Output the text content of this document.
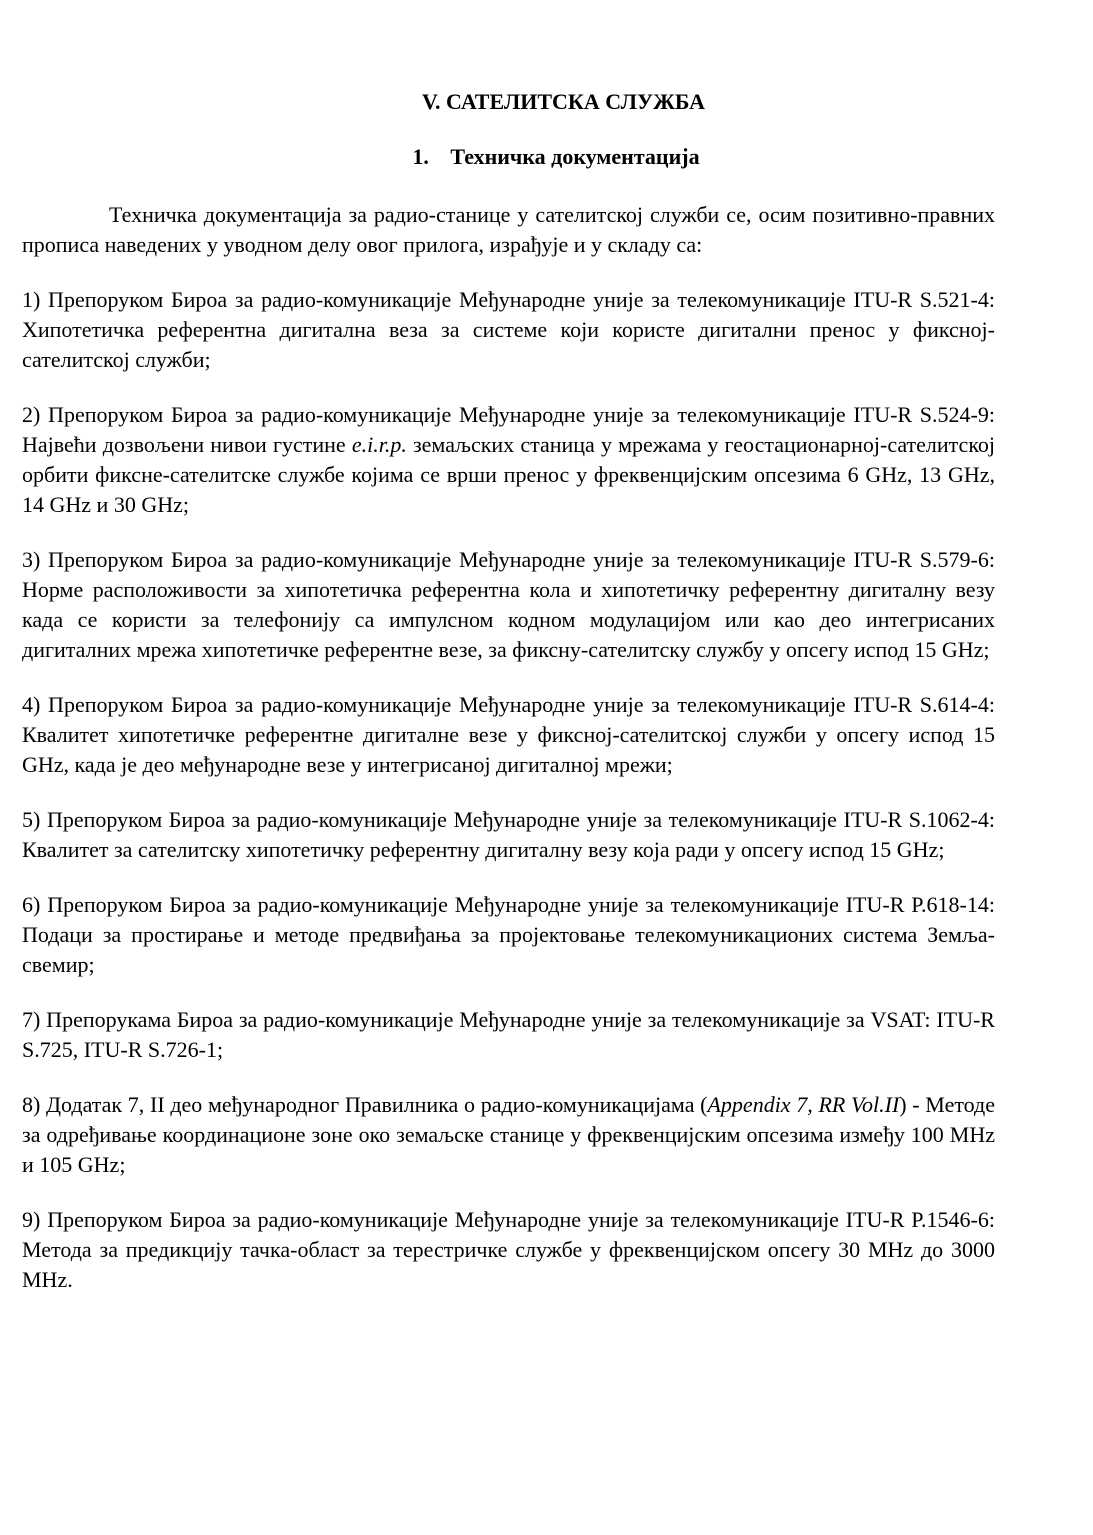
V. САТЕЛИТСКА СЛУЖБА
1. Техничка документација

Техничка документација за радио-станице у сателитској служби се, осим позитивно-правних прописа наведених у уводном делу овог прилога, израђује и у складу са:

1) Препоруком Бироа за радио-комуникације Међународне уније за телекомуникације ITU-R S.521-4: Хипотетичка референтна дигитална веза за системе који користе дигитални пренос у фиксној-сателитској служби;

2) Препоруком Бироа за радио-комуникације Међународне уније за телекомуникације ITU-R S.524-9: Највећи дозвољени нивои густине e.i.r.p. земаљских станица у мрежама у геостационарној-сателитској орбити фиксне-сателитске службе којима се врши пренос у фреквенцијским опсезима 6 GHz, 13 GHz, 14 GHz и 30 GHz;

3) Препоруком Бироа за радио-комуникације Међународне уније за телекомуникације ITU-R S.579-6: Норме расположивости за хипотетичка референтна кола и хипотетичку референтну дигиталну везу када се користи за телефонију са импулсном кодном модулацијом или као део интегрисаних дигиталних мрежа хипотетичке референтне везе, за фиксну-сателитску службу у опсегу испод 15 GHz;

4) Препоруком Бироа за радио-комуникације Међународне уније за телекомуникације ITU-R S.614-4: Квалитет хипотетичке референтне дигиталне везе у фиксној-сателитској служби у опсегу испод 15 GHz, када је део међународне везе у интегрисаној дигиталној мрежи;

5) Препоруком Бироа за радио-комуникације Међународне уније за телекомуникације ITU-R S.1062-4: Квалитет за сателитску хипотетичку референтну дигиталну везу која ради у опсегу испод 15 GHz;

6) Препоруком Бироа за радио-комуникације Међународне уније за телекомуникације ITU-R P.618-14: Подаци за простирање и методе предвиђања за пројектовање телекомуникационих система Земља-свемир;

7) Препорукама Бироа за радио-комуникације Међународне уније за телекомуникације за VSAT: ITU-R S.725, ITU-R S.726-1;

8) Додатак 7, II део међународног Правилника о радио-комуникацијама (Appendix 7, RR Vol.II) - Методе за одређивање координационе зоне око земаљске станице у фреквенцијским опсезима између 100 MHz и 105 GHz;

9) Препоруком Бироа за радио-комуникације Међународне уније за телекомуникације ITU-R P.1546-6: Метода за предикцију тачка-област за терестричке службе у фреквенцијском опсегу 30 MHz до 3000 MHz.
